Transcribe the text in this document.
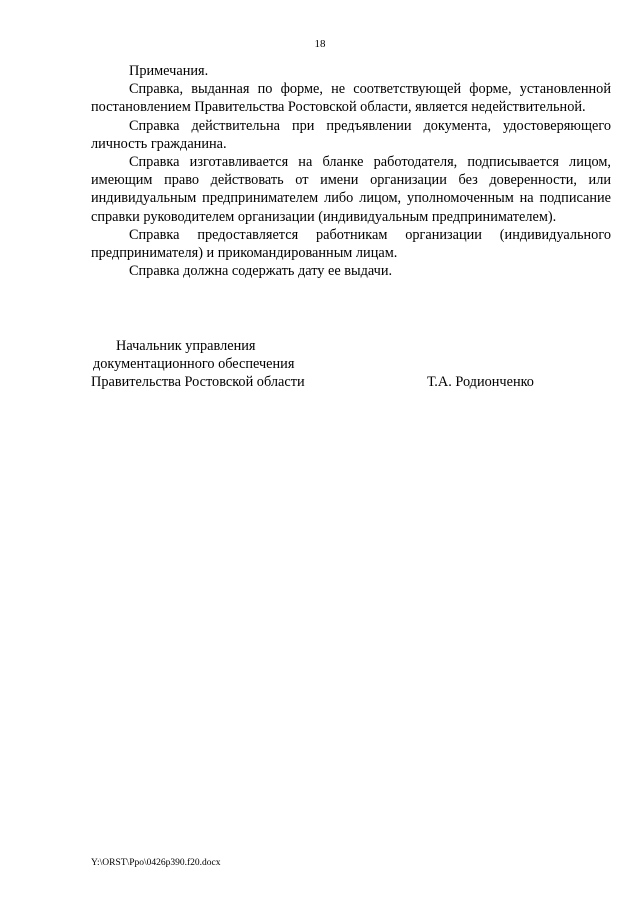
18

Примечания.

Справка, выданная по форме, не соответствующей форме, установленной постановлением Правительства Ростовской области, является недействительной.

Справка действительна при предъявлении документа, удостоверяющего личность гражданина.

Справка изготавливается на бланке работодателя, подписывается лицом, имеющим право действовать от имени организации без доверенности, или индивидуальным предпринимателем либо лицом, уполномоченным на подписание справки руководителем организации (индивидуальным предпринимателем).

Справка предоставляется работникам организации (индивидуального предпринимателя) и прикомандированным лицам.

Справка должна содержать дату ее выдачи.

Начальник управления
документационного обеспечения
Правительства Ростовской области	Т.А. Родионченко
Y:\ORST\Ppo\0426p390.f20.docx
